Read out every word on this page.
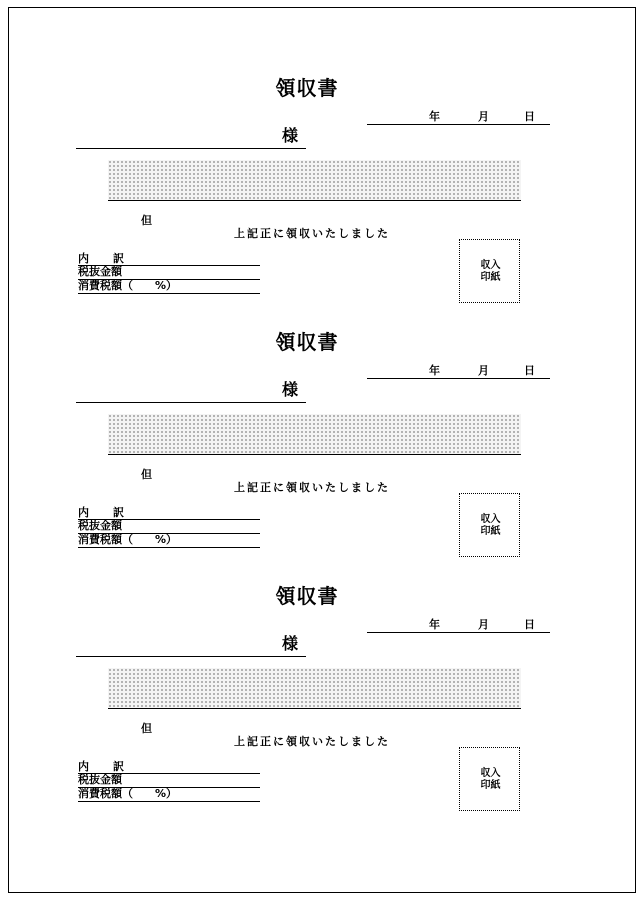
領収書
年	月	日
様
但
上記正に領収いたしました
内 訳
税抜金額
消費税額（　　%）
収入
印紙
領収書
年	月	日
様
但
上記正に領収いたしました
内 訳
税抜金額
消費税額（　　%）
収入
印紙
領収書
年	月	日
様
但
上記正に領収いたしました
内 訳
税抜金額
消費税額（　　%）
収入
印紙
